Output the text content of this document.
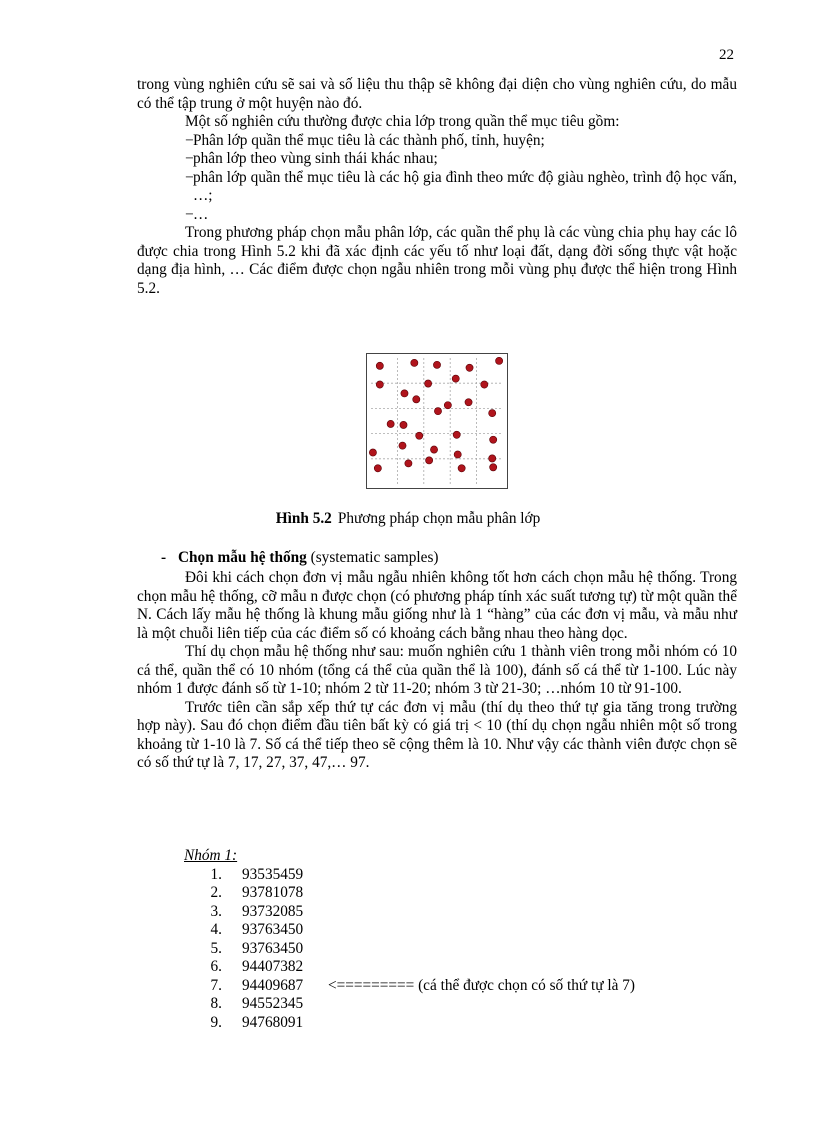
22

trong vùng nghiên cứu sẽ sai và số liệu thu thập sẽ không đại diện cho vùng nghiên cứu, do mẫu có thể tập trung ở một huyện nào đó.

Một số nghiên cứu thường được chia lớp trong quần thể mục tiêu gồm:

− Phân lớp quần thể mục tiêu là các thành phố, tỉnh, huyện;
− phân lớp theo vùng sinh thái khác nhau;
− phân lớp quần thể mục tiêu là các hộ gia đình theo mức độ giàu nghèo, trình độ học vấn, …;
− …

Trong phương pháp chọn mẫu phân lớp, các quần thể phụ là các vùng chia phụ hay các lô được chia trong Hình 5.2 khi đã xác định các yếu tố như loại đất, dạng đời sống thực vật hoặc dạng địa hình, … Các điểm được chọn ngẫu nhiên trong mỗi vùng phụ được thể hiện trong Hình 5.2.

Hình 5.2 Phương pháp chọn mẫu phân lớp
- Chọn mẫu hệ thống (systematic samples)

Đôi khi cách chọn đơn vị mẫu ngẫu nhiên không tốt hơn cách chọn mẫu hệ thống. Trong chọn mẫu hệ thống, cỡ mẫu n được chọn (có phương pháp tính xác suất tương tự) từ một quần thể N. Cách lấy mẫu hệ thống là khung mẫu giống như là 1 “hàng” của các đơn vị mẫu, và mẫu như là một chuỗi liên tiếp của các điểm số có khoảng cách bằng nhau theo hàng dọc.

Thí dụ chọn mẫu hệ thống như sau: muốn nghiên cứu 1 thành viên trong mỗi nhóm có 10 cá thể, quần thể có 10 nhóm (tổng cá thể của quần thể là 100), đánh số cá thể từ 1-100. Lúc này nhóm 1 được đánh số từ 1-10; nhóm 2 từ 11-20; nhóm 3 từ 21-30; …nhóm 10 từ 91-100.

Trước tiên cần sắp xếp thứ tự các đơn vị mẫu (thí dụ theo thứ tự gia tăng trong trường hợp này). Sau đó chọn điểm đầu tiên bất kỳ có giá trị < 10 (thí dụ chọn ngẫu nhiên một số trong khoảng từ 1-10 là 7. Số cá thể tiếp theo sẽ cộng thêm là 10. Như vậy các thành viên được chọn sẽ có số thứ tự là 7, 17, 27, 37, 47,… 97.

Nhóm 1:
1. 93535459
2. 93781078
3. 93732085
4. 93763450
5. 93763450
6. 94407382
7. 94409687 <========= (cá thể được chọn có số thứ tự là 7)
8. 94552345
9. 94768091
